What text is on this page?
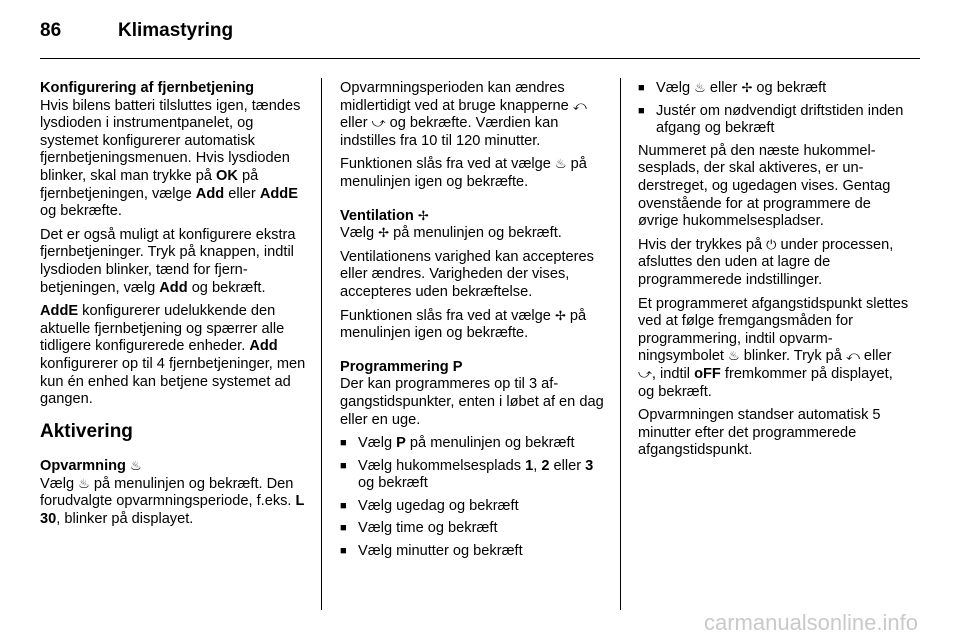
86	Klimastyring

Konfigurering af fjernbetjening

Hvis bilens batteri tilsluttes igen, tændes lysdioden i instrumentpanelet, og systemet konfigurerer automatisk fjernbetjeningsmenuen. Hvis lysdioden blinker, skal man trykke på OK på fjernbetjeningen, vælge Add eller AddE og bekræfte.

Det er også muligt at konfigurere ekstra fjernbetjeninger. Tryk på knappen, indtil lysdioden blinker, tænd for fjernbetjeningen, vælg Add og bekræft.

AddE konfigurerer udelukkende den aktuelle fjernbetjening og spærrer alle tidligere konfigurerede enheder. Add konfigurerer op til 4 fjernbetjeninger, men kun én enhed kan betjene systemet ad gangen.

Aktivering

Opvarmning ♨

Vælg ♨ på menulinjen og bekræft. Den forudvalgte opvarmningsperiode, f.eks. L 30, blinker på displayet.

Opvarmningsperioden kan ændres midlertidigt ved at bruge knapperne ⤺ eller ⤻ og bekræfte. Værdien kan indstilles fra 10 til 120 minutter.

Funktionen slås fra ved at vælge ♨ på menulinjen igen og bekræfte.

Ventilation ✢

Vælg ✢ på menulinjen og bekræft.

Ventilationens varighed kan accepteres eller ændres. Varigheden der vises, accepteres uden bekræftelse.

Funktionen slås fra ved at vælge ✢ på menulinjen igen og bekræfte.

Programmering P

Der kan programmeres op til 3 afgangstidspunkter, enten i løbet af en dag eller en uge.

■ Vælg P på menulinjen og bekræft
■ Vælg hukommelsesplads 1, 2 eller 3 og bekræft
■ Vælg ugedag og bekræft
■ Vælg time og bekræft
■ Vælg minutter og bekræft
■ Vælg ♨ eller ✢ og bekræft
■ Justér om nødvendigt driftstiden inden afgang og bekræft

Nummeret på den næste hukommelsesplads, der skal aktiveres, er understreget, og ugedagen vises. Gentag ovenstående for at programmere de øvrige hukommelsespladser.

Hvis der trykkes på ⏻ under processen, afsluttes den uden at lagre de programmerede indstillinger.

Et programmeret afgangstidspunkt slettes ved at følge fremgangsmåden for programmering, indtil opvarmningsymbolet ♨ blinker. Tryk på ⤺ eller ⤻, indtil oFF fremkommer på displayet, og bekræft.

Opvarmningen standser automatisk 5 minutter efter det programmerede afgangstidspunkt.

carmanualsonline.info
